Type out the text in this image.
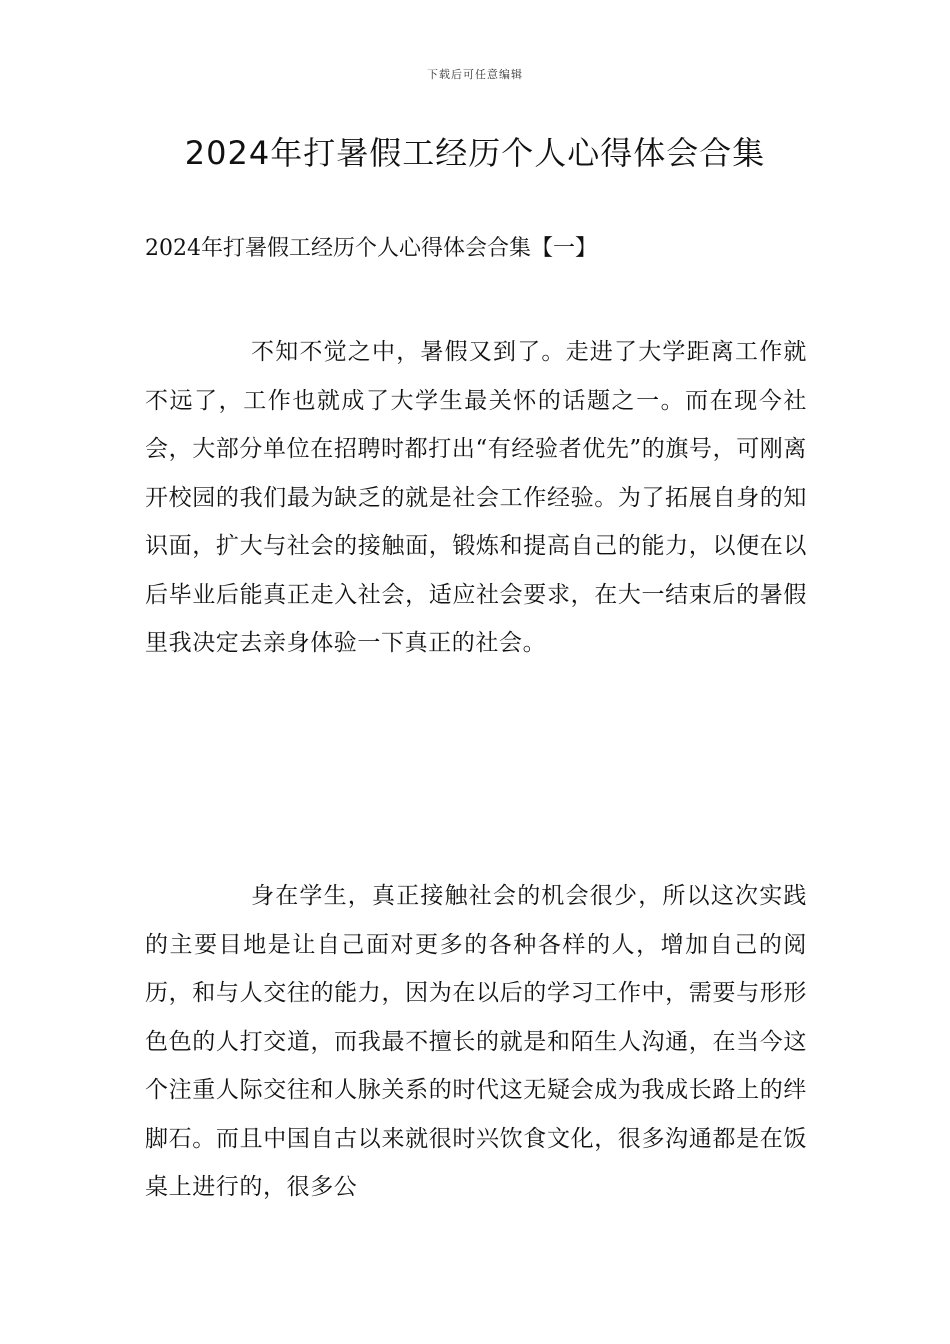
下载后可任意编辑
2024年打暑假工经历个人心得体会合集
2024年打暑假工经历个人心得体会合集【一】

不知不觉之中，暑假又到了。走进了大学距离工作就不远了，工作也就成了大学生最关怀的话题之一。而在现今社会，大部分单位在招聘时都打出“有经验者优先”的旗号，可刚离开校园的我们最为缺乏的就是社会工作经验。为了拓展自身的知识面，扩大与社会的接触面，锻炼和提高自己的能力，以便在以后毕业后能真正走入社会，适应社会要求，在大一结束后的暑假里我决定去亲身体验一下真正的社会。

身在学生，真正接触社会的机会很少，所以这次实践的主要目地是让自己面对更多的各种各样的人，增加自己的阅历，和与人交往的能力，因为在以后的学习工作中，需要与形形色色的人打交道，而我最不擅长的就是和陌生人沟通，在当今这个注重人际交往和人脉关系的时代这无疑会成为我成长路上的绊脚石。而且中国自古以来就很时兴饮食文化，很多沟通都是在饭桌上进行的，很多公
